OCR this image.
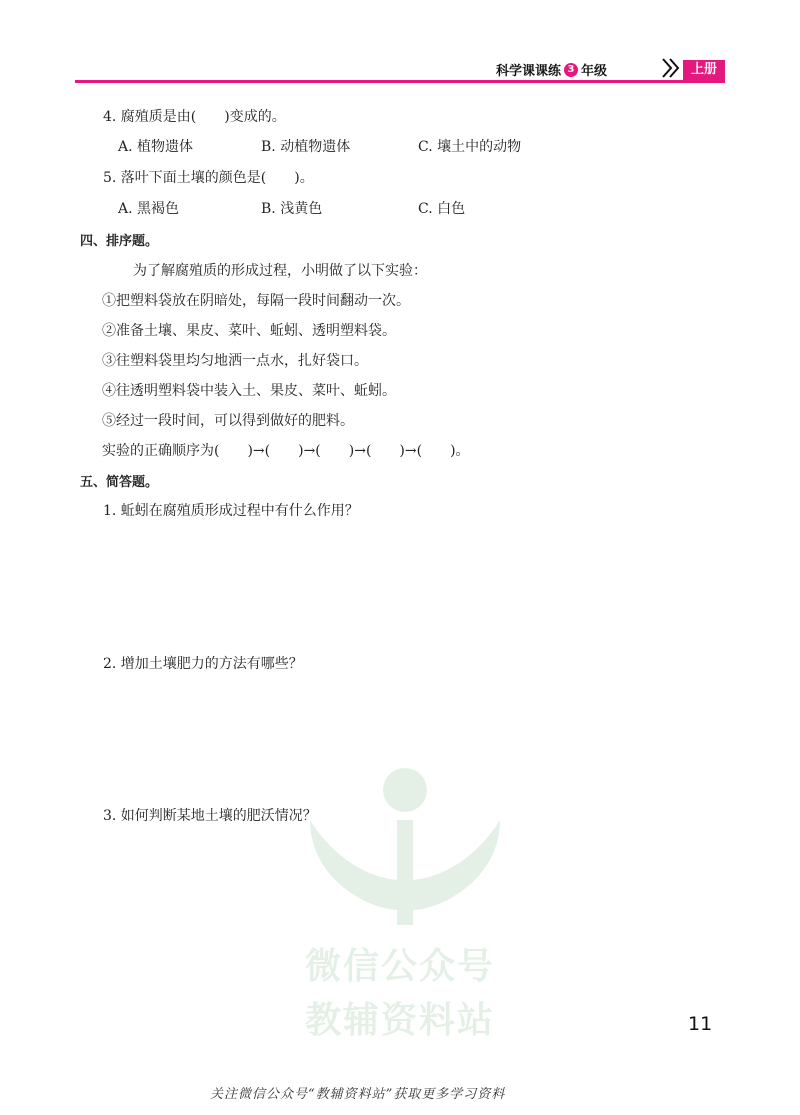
科学课课练 3 年级	上册
4. 腐殖质是由(　　)变成的。
A. 植物遗体	B. 动植物遗体	C. 壤土中的动物
5. 落叶下面土壤的颜色是(　　)。
A. 黑褐色	B. 浅黄色	C. 白色
四、排序题。
为了解腐殖质的形成过程，小明做了以下实验：
①把塑料袋放在阴暗处，每隔一段时间翻动一次。
②准备土壤、果皮、菜叶、蚯蚓、透明塑料袋。
③往塑料袋里均匀地洒一点水，扎好袋口。
④往透明塑料袋中装入土、果皮、菜叶、蚯蚓。
⑤经过一段时间，可以得到做好的肥料。
实验的正确顺序为(　　)→(　　)→(　　)→(　　)→(　　)。
五、简答题。
1. 蚯蚓在腐殖质形成过程中有什么作用？
2. 增加土壤肥力的方法有哪些？
3. 如何判断某地土壤的肥沃情况？
微信公众号
教辅资料站	11
关注微信公众号“教辅资料站”获取更多学习资料
